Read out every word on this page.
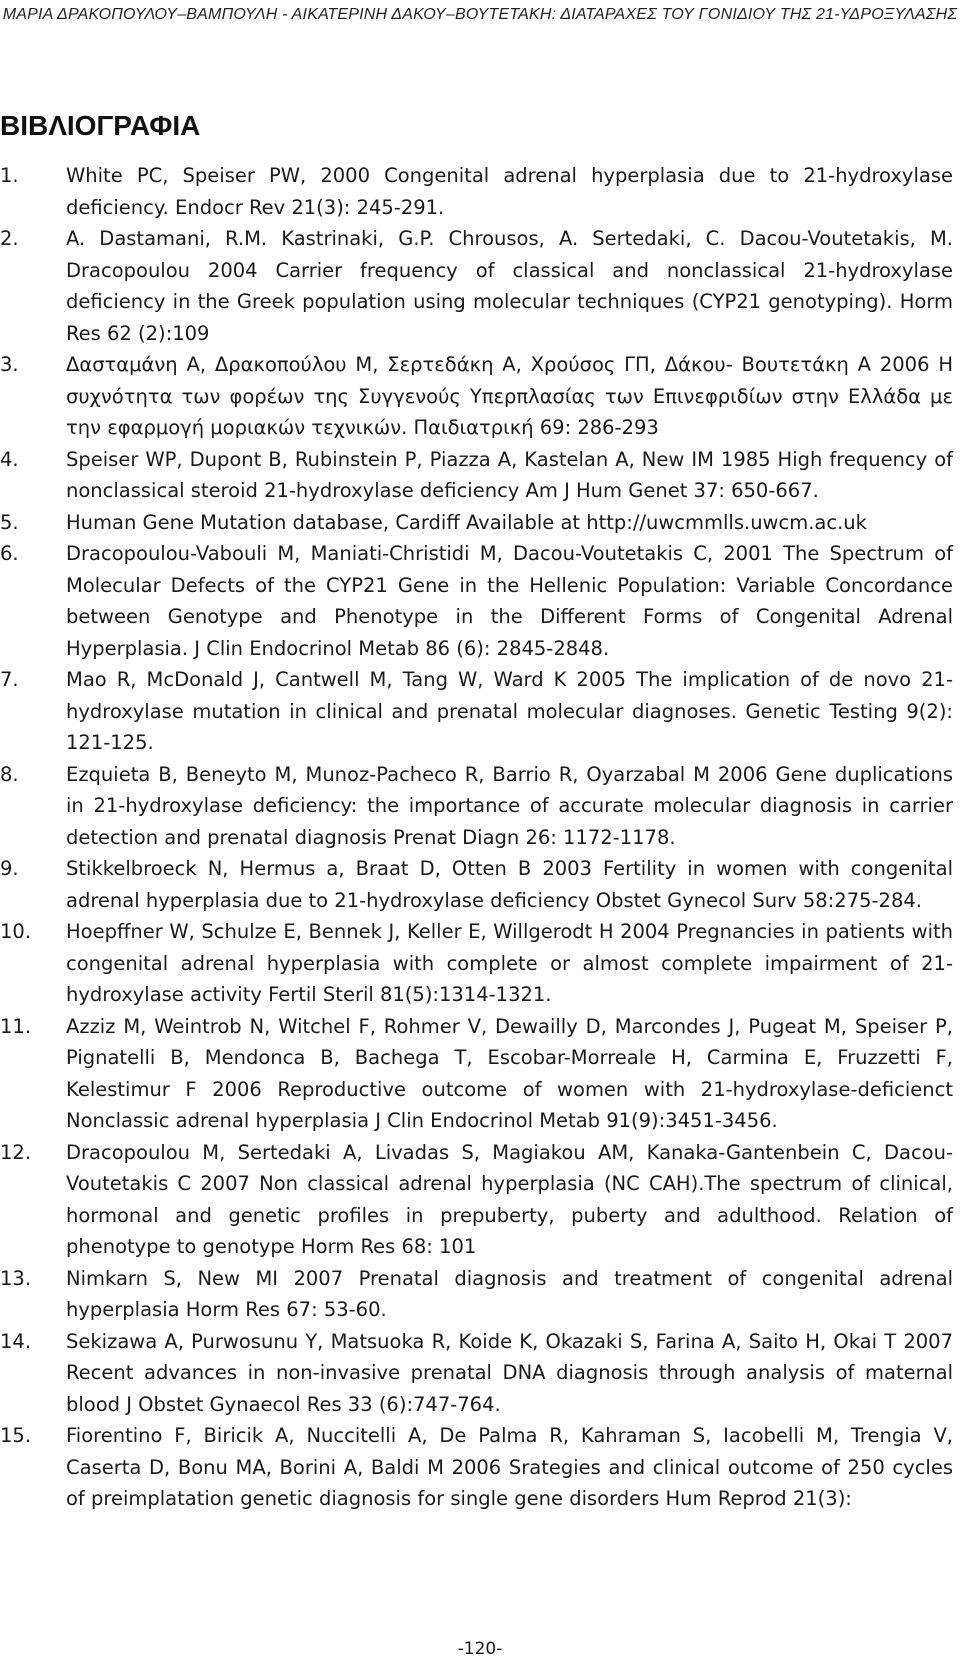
ΜΑΡΙΑ ΔΡΑΚΟΠΟΥΛΟΥ–ΒΑΜΠΟΥΛΗ - ΑΙΚΑΤΕΡΙΝΗ ΔΑΚΟΥ–ΒΟΥΤΕΤΑΚΗ: ΔΙΑΤΑΡΑΧΕΣ ΤΟΥ ΓΟΝΙΔΙΟΥ ΤΗΣ 21-ΥΔΡΟΞΥΛΑΣΗΣ
ΒΙΒΛΙΟΓΡΑΦΙΑ
1. White PC, Speiser PW, 2000 Congenital adrenal hyperplasia due to 21-hydroxylase deficiency. Endocr Rev 21(3): 245-291.
2. A. Dastamani, R.M. Kastrinaki, G.P. Chrousos, A. Sertedaki, C. Dacou-Voutetakis, M. Dracopoulou 2004 Carrier frequency of classical and nonclassical 21-hydroxylase deficiency in the Greek population using molecular techniques (CYP21 genotyping). Horm Res 62 (2):109
3. Δασταμάνη Α, Δρακοπούλου Μ, Σερτεδάκη Α, Χρούσος ΓΠ, Δάκου- Βουτετάκη Α 2006 Η συχνότητα των φορέων της Συγγενούς Υπερπλασίας των Επινεφριδίων στην Ελλάδα με την εφαρμογή μοριακών τεχνικών. Παιδιατρική 69: 286-293
4. Speiser WP, Dupont B, Rubinstein P, Piazza A, Kastelan A, New IM 1985 High frequency of nonclassical steroid 21-hydroxylase deficiency Am J Hum Genet 37: 650-667.
5. Human Gene Mutation database, Cardiff Available at http://uwcmmlls.uwcm.ac.uk
6. Dracopoulou-Vabouli M, Maniati-Christidi M, Dacou-Voutetakis C, 2001 The Spectrum of Molecular Defects of the CYP21 Gene in the Hellenic Population: Variable Concordance between Genotype and Phenotype in the Different Forms of Congenital Adrenal Hyperplasia. J Clin Endocrinol Metab 86 (6): 2845-2848.
7. Mao R, McDonald J, Cantwell M, Tang W, Ward K 2005 The implication of de novo 21-hydroxylase mutation in clinical and prenatal molecular diagnoses. Genetic Testing 9(2): 121-125.
8. Ezquieta B, Beneyto M, Munoz-Pacheco R, Barrio R, Oyarzabal M 2006 Gene duplications in 21-hydroxylase deficiency: the importance of accurate molecular diagnosis in carrier detection and prenatal diagnosis Prenat Diagn 26: 1172-1178.
9. Stikkelbroeck N, Hermus a, Braat D, Otten B 2003 Fertility in women with congenital adrenal hyperplasia due to 21-hydroxylase deficiency Obstet Gynecol Surv 58:275-284.
10. Hoepffner W, Schulze E, Bennek J, Keller E, Willgerodt H 2004 Pregnancies in patients with congenital adrenal hyperplasia with complete or almost complete impairment of 21-hydroxylase activity Fertil Steril 81(5):1314-1321.
11. Azziz M, Weintrob N, Witchel F, Rohmer V, Dewailly D, Marcondes J, Pugeat M, Speiser P, Pignatelli B, Mendonca B, Bachega T, Escobar-Morreale H, Carmina E, Fruzzetti F, Kelestimur F 2006 Reproductive outcome of women with 21-hydroxylase-deficienct Nonclassic adrenal hyperplasia J Clin Endocrinol Metab 91(9):3451-3456.
12. Dracopoulou M, Sertedaki A, Livadas S, Magiakou AM, Kanaka-Gantenbein C, Dacou-Voutetakis C 2007 Non classical adrenal hyperplasia (NC CAH).The spectrum of clinical, hormonal and genetic profiles in prepuberty, puberty and adulthood. Relation of phenotype to genotype Horm Res 68: 101
13. Nimkarn S, New MI 2007 Prenatal diagnosis and treatment of congenital adrenal hyperplasia Horm Res 67: 53-60.
14. Sekizawa A, Purwosunu Y, Matsuoka R, Koide K, Okazaki S, Farina A, Saito H, Okai T 2007 Recent advances in non-invasive prenatal DNA diagnosis through analysis of maternal blood J Obstet Gynaecol Res 33 (6):747-764.
15. Fiorentino F, Biricik A, Nuccitelli A, De Palma R, Kahraman S, Iacobelli M, Trengia V, Caserta D, Bonu MA, Borini A, Baldi M 2006 Srategies and clinical outcome of 250 cycles of preimplatation genetic diagnosis for single gene disorders Hum Reprod 21(3):
-120-
